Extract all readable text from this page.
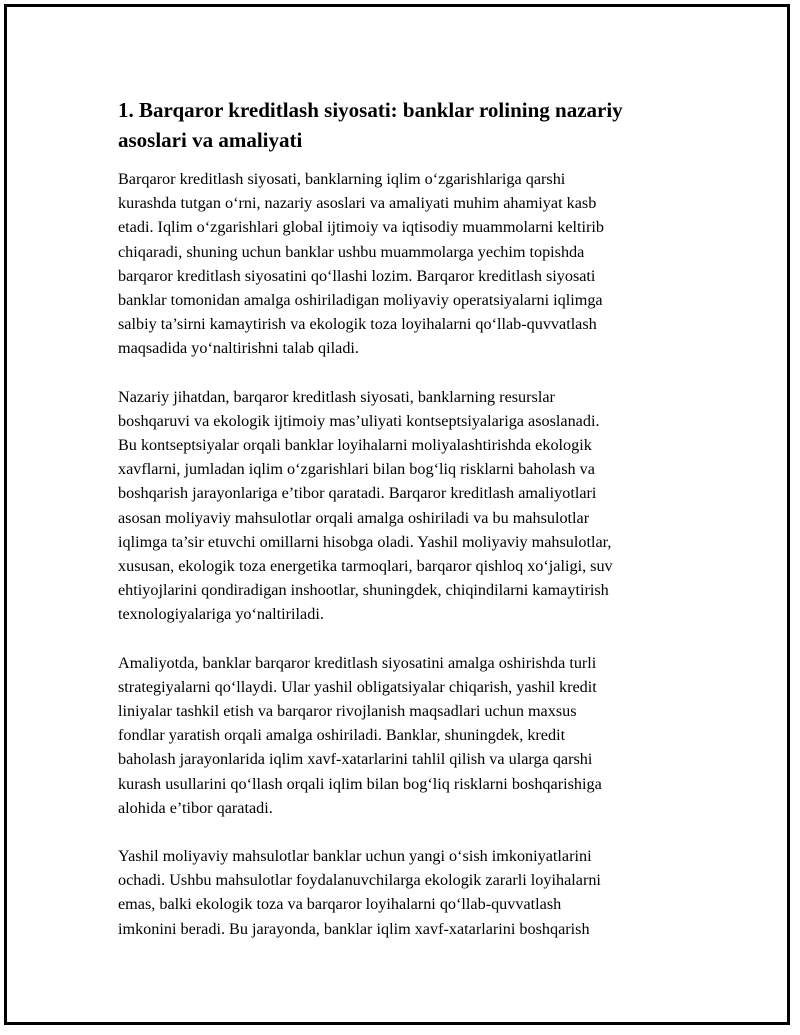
1. Barqaror kreditlash siyosati: banklar rolining nazariy
asoslari va amaliyati

Barqaror kreditlash siyosati, banklarning iqlim o‘zgarishlariga qarshi
kurashda tutgan o‘rni, nazariy asoslari va amaliyati muhim ahamiyat kasb
etadi. Iqlim o‘zgarishlari global ijtimoiy va iqtisodiy muammolarni keltirib
chiqaradi, shuning uchun banklar ushbu muammolarga yechim topishda
barqaror kreditlash siyosatini qo‘llashi lozim. Barqaror kreditlash siyosati
banklar tomonidan amalga oshiriladigan moliyaviy operatsiyalarni iqlimga
salbiy ta’sirni kamaytirish va ekologik toza loyihalarni qo‘llab-quvvatlash
maqsadida yo‘naltirishni talab qiladi.

Nazariy jihatdan, barqaror kreditlash siyosati, banklarning resurslar
boshqaruvi va ekologik ijtimoiy mas’uliyati kontseptsiyalariga asoslanadi.
Bu kontseptsiyalar orqali banklar loyihalarni moliyalashtirishda ekologik
xavflarni, jumladan iqlim o‘zgarishlari bilan bog‘liq risklarni baholash va
boshqarish jarayonlariga e’tibor qaratadi. Barqaror kreditlash amaliyotlari
asosan moliyaviy mahsulotlar orqali amalga oshiriladi va bu mahsulotlar
iqlimga ta’sir etuvchi omillarni hisobga oladi. Yashil moliyaviy mahsulotlar,
xususan, ekologik toza energetika tarmoqlari, barqaror qishloq xo‘jaligi, suv
ehtiyojlarini qondiradigan inshootlar, shuningdek, chiqindilarni kamaytirish
texnologiyalariga yo‘naltiriladi.

Amaliyotda, banklar barqaror kreditlash siyosatini amalga oshirishda turli
strategiyalarni qo‘llaydi. Ular yashil obligatsiyalar chiqarish, yashil kredit
liniyalar tashkil etish va barqaror rivojlanish maqsadlari uchun maxsus
fondlar yaratish orqali amalga oshiriladi. Banklar, shuningdek, kredit
baholash jarayonlarida iqlim xavf-xatarlarini tahlil qilish va ularga qarshi
kurash usullarini qo‘llash orqali iqlim bilan bog‘liq risklarni boshqarishiga
alohida e’tibor qaratadi.

Yashil moliyaviy mahsulotlar banklar uchun yangi o‘sish imkoniyatlarini
ochadi. Ushbu mahsulotlar foydalanuvchilarga ekologik zararli loyihalarni
emas, balki ekologik toza va barqaror loyihalarni qo‘llab-quvvatlash
imkonini beradi. Bu jarayonda, banklar iqlim xavf-xatarlarini boshqarish
